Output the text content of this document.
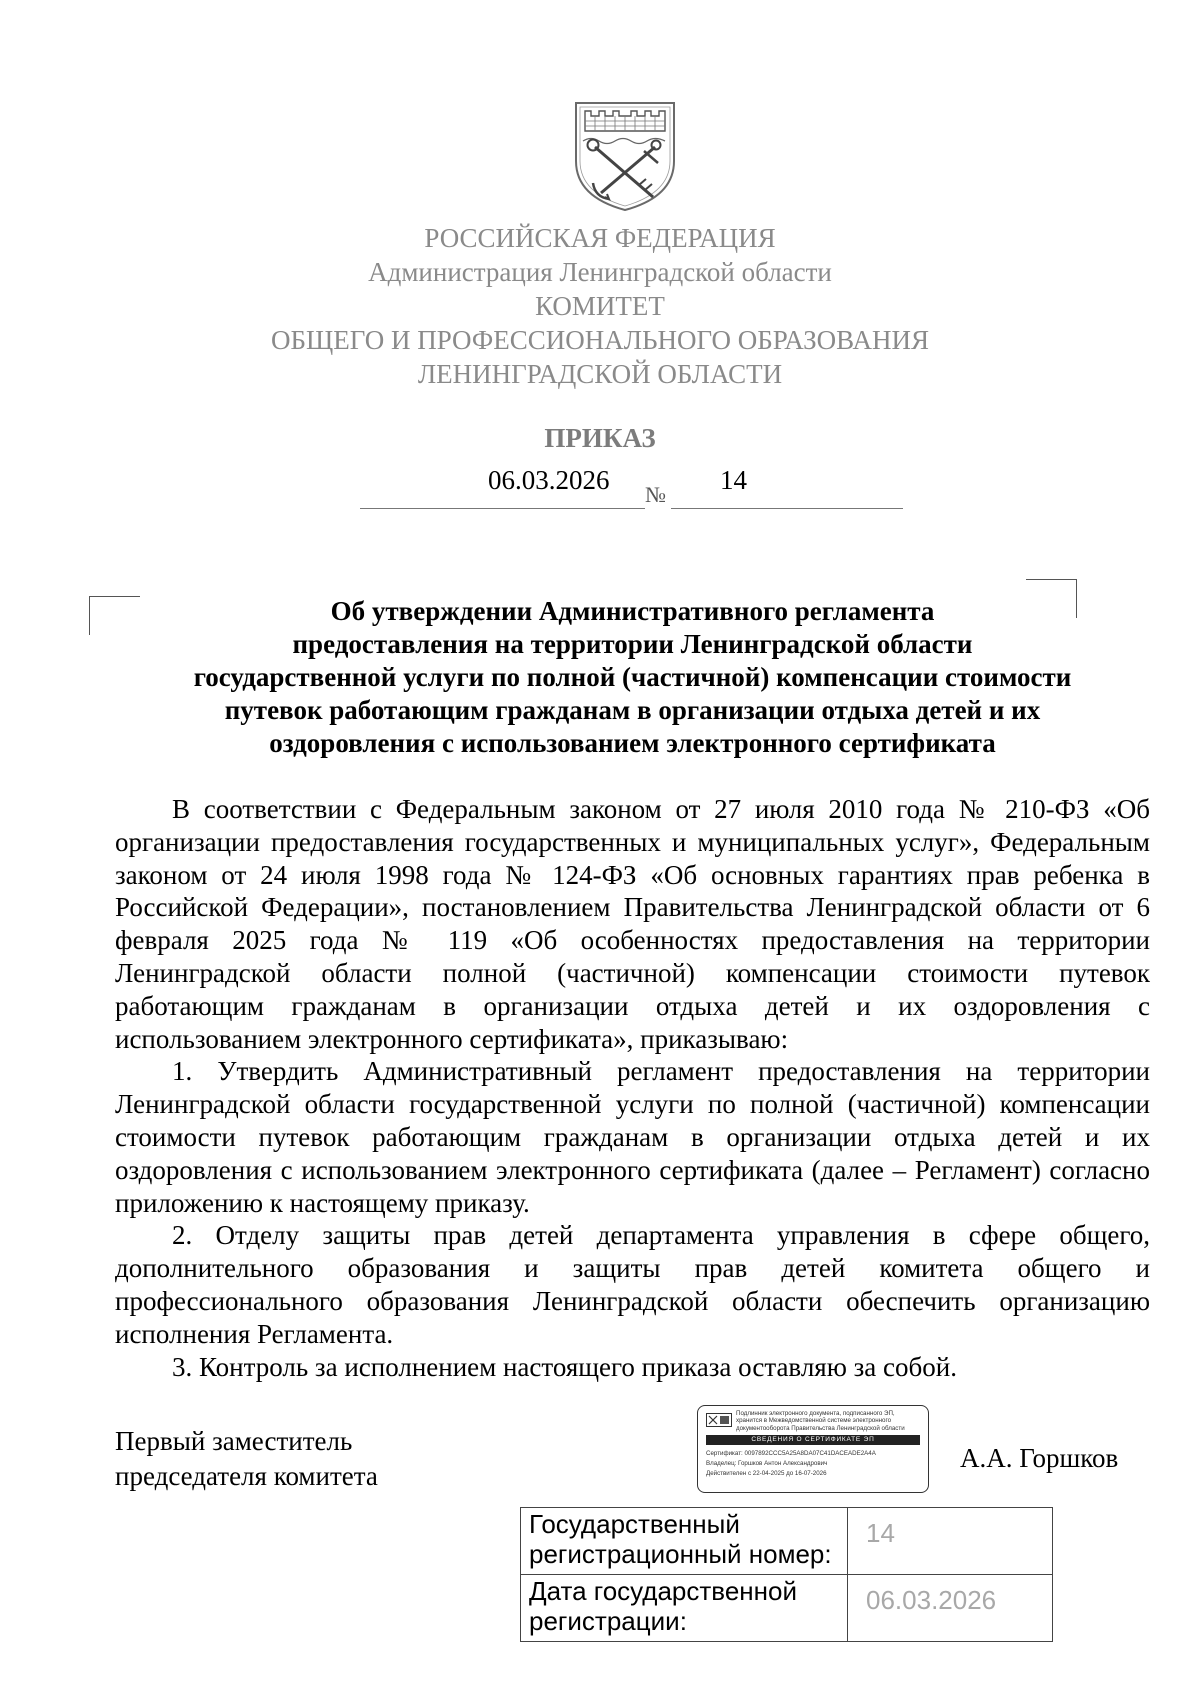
РОССИЙСКАЯ ФЕДЕРАЦИЯ
Администрация Ленинградской области
КОМИТЕТ
ОБЩЕГО И ПРОФЕССИОНАЛЬНОГО ОБРАЗОВАНИЯ
ЛЕНИНГРАДСКОЙ ОБЛАСТИ
ПРИКАЗ
06.03.2026 № 14
Об утверждении Административного регламента
предоставления на территории Ленинградской области
государственной услуги по полной (частичной) компенсации стоимости
путевок работающим гражданам в организации отдыха детей и их
оздоровления с использованием электронного сертификата

В соответствии с Федеральным законом от 27 июля 2010 года № 210-ФЗ «Об организации предоставления государственных и муниципальных услуг», Федеральным законом от 24 июля 1998 года № 124-ФЗ «Об основных гарантиях прав ребенка в Российской Федерации», постановлением Правительства Ленинградской области от 6 февраля 2025 года № 119 «Об особенностях предоставления на территории Ленинградской области полной (частичной) компенсации стоимости путевок работающим гражданам в организации отдыха детей и их оздоровления с использованием электронного сертификата», приказываю:

1. Утвердить Административный регламент предоставления на территории Ленинградской области государственной услуги по полной (частичной) компенсации стоимости путевок работающим гражданам в организации отдыха детей и их оздоровления с использованием электронного сертификата (далее – Регламент) согласно приложению к настоящему приказу.

2. Отделу защиты прав детей департамента управления в сфере общего, дополнительного образования и защиты прав детей комитета общего и профессионального образования Ленинградской области обеспечить организацию исполнения Регламента.

3. Контроль за исполнением настоящего приказа оставляю за собой.

Первый заместитель
председателя комитета
А.А. Горшков
Подлинник электронного документа, подписанного ЭП,
хранится в Межведомственной системе электронного
документооборота Правительства Ленинградской области
СВЕДЕНИЯ О СЕРТИФИКАТЕ ЭП
Сертификат: 0097892CCC5A25A8DA07C41DACEADE2A4A
Владелец: Горшков Антон Александрович
Действителен с 22-04-2025 до 16-07-2026
Государственный регистрационный номер:	14
Дата государственной регистрации:	06.03.2026
